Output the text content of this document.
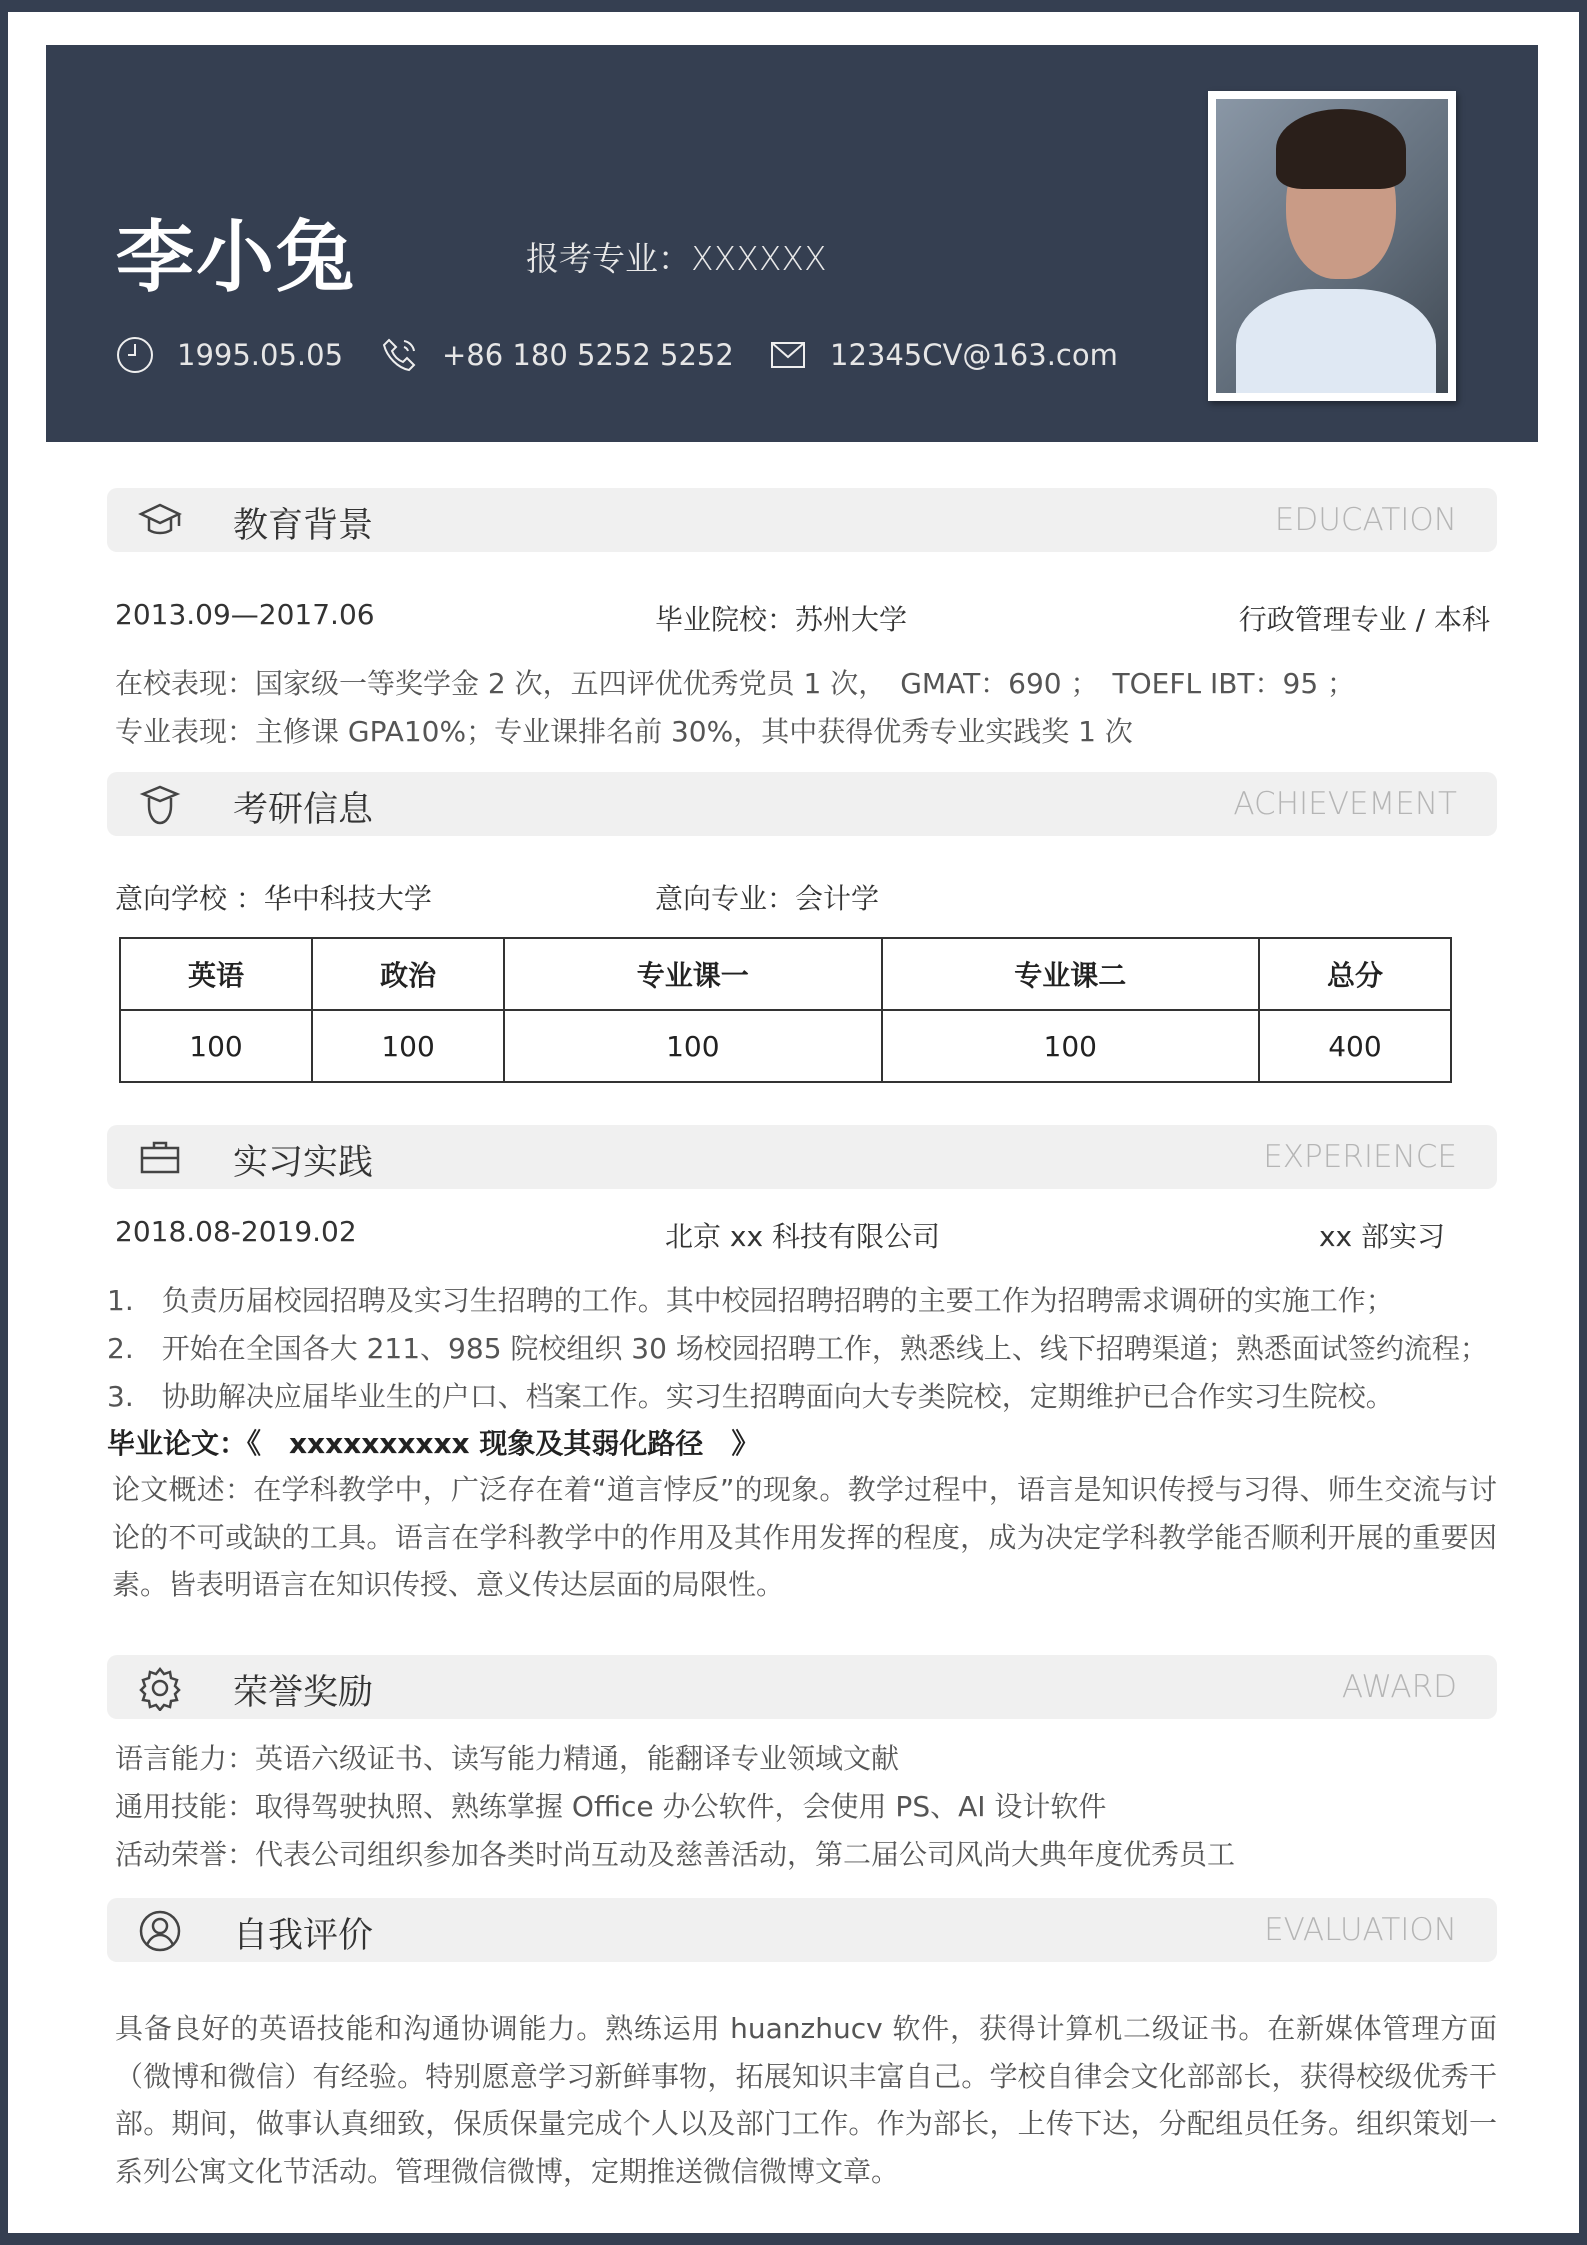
李小兔	报考专业：XXXXXX
1995.05.05	+86 180 5252 5252	12345CV@163.com
教育背景	EDUCATION
2013.09—2017.06	毕业院校：苏州大学	行政管理专业 / 本科
在校表现：国家级一等奖学金 2 次，五四评优优秀党员 1 次，　GMAT：690 ；　TOEFL IBT：95 ；
专业表现：主修课 GPA10%；专业课排名前 30%，其中获得优秀专业实践奖 1 次
考研信息	ACHIEVEMENT
意向学校 ：华中科技大学	意向专业：会计学
英语	政治	专业课一	专业课二	总分
100	100	100	100	400
实习实践	EXPERIENCE
2018.08-2019.02	北京 xx 科技有限公司	xx 部实习
1.　负责历届校园招聘及实习生招聘的工作。其中校园招聘招聘的主要工作为招聘需求调研的实施工作；
2.　开始在全国各大 211、985 院校组织 30 场校园招聘工作，熟悉线上、线下招聘渠道；熟悉面试签约流程；
3.　协助解决应届毕业生的户口、档案工作。实习生招聘面向大专类院校，定期维护已合作实习生院校。
毕业论文：《　xxxxxxxxxx 现象及其弱化路径　》
论文概述：在学科教学中，广泛存在着“道言悖反”的现象。教学过程中，语言是知识传授与习得、师生交流与讨论的不可或缺的工具。语言在学科教学中的作用及其作用发挥的程度，成为决定学科教学能否顺利开展的重要因素。皆表明语言在知识传授、意义传达层面的局限性。
荣誉奖励	AWARD
语言能力：英语六级证书、读写能力精通，能翻译专业领域文献
通用技能：取得驾驶执照、熟练掌握 Office 办公软件，会使用 PS、AI 设计软件
活动荣誉：代表公司组织参加各类时尚互动及慈善活动，第二届公司风尚大典年度优秀员工
自我评价	EVALUATION
具备良好的英语技能和沟通协调能力。熟练运用 huanzhucv 软件，获得计算机二级证书。在新媒体管理方面（微博和微信）有经验。特别愿意学习新鲜事物，拓展知识丰富自己。学校自律会文化部部长，获得校级优秀干部。期间，做事认真细致，保质保量完成个人以及部门工作。作为部长，上传下达，分配组员任务。组织策划一系列公寓文化节活动。管理微信微博，定期推送微信微博文章。
